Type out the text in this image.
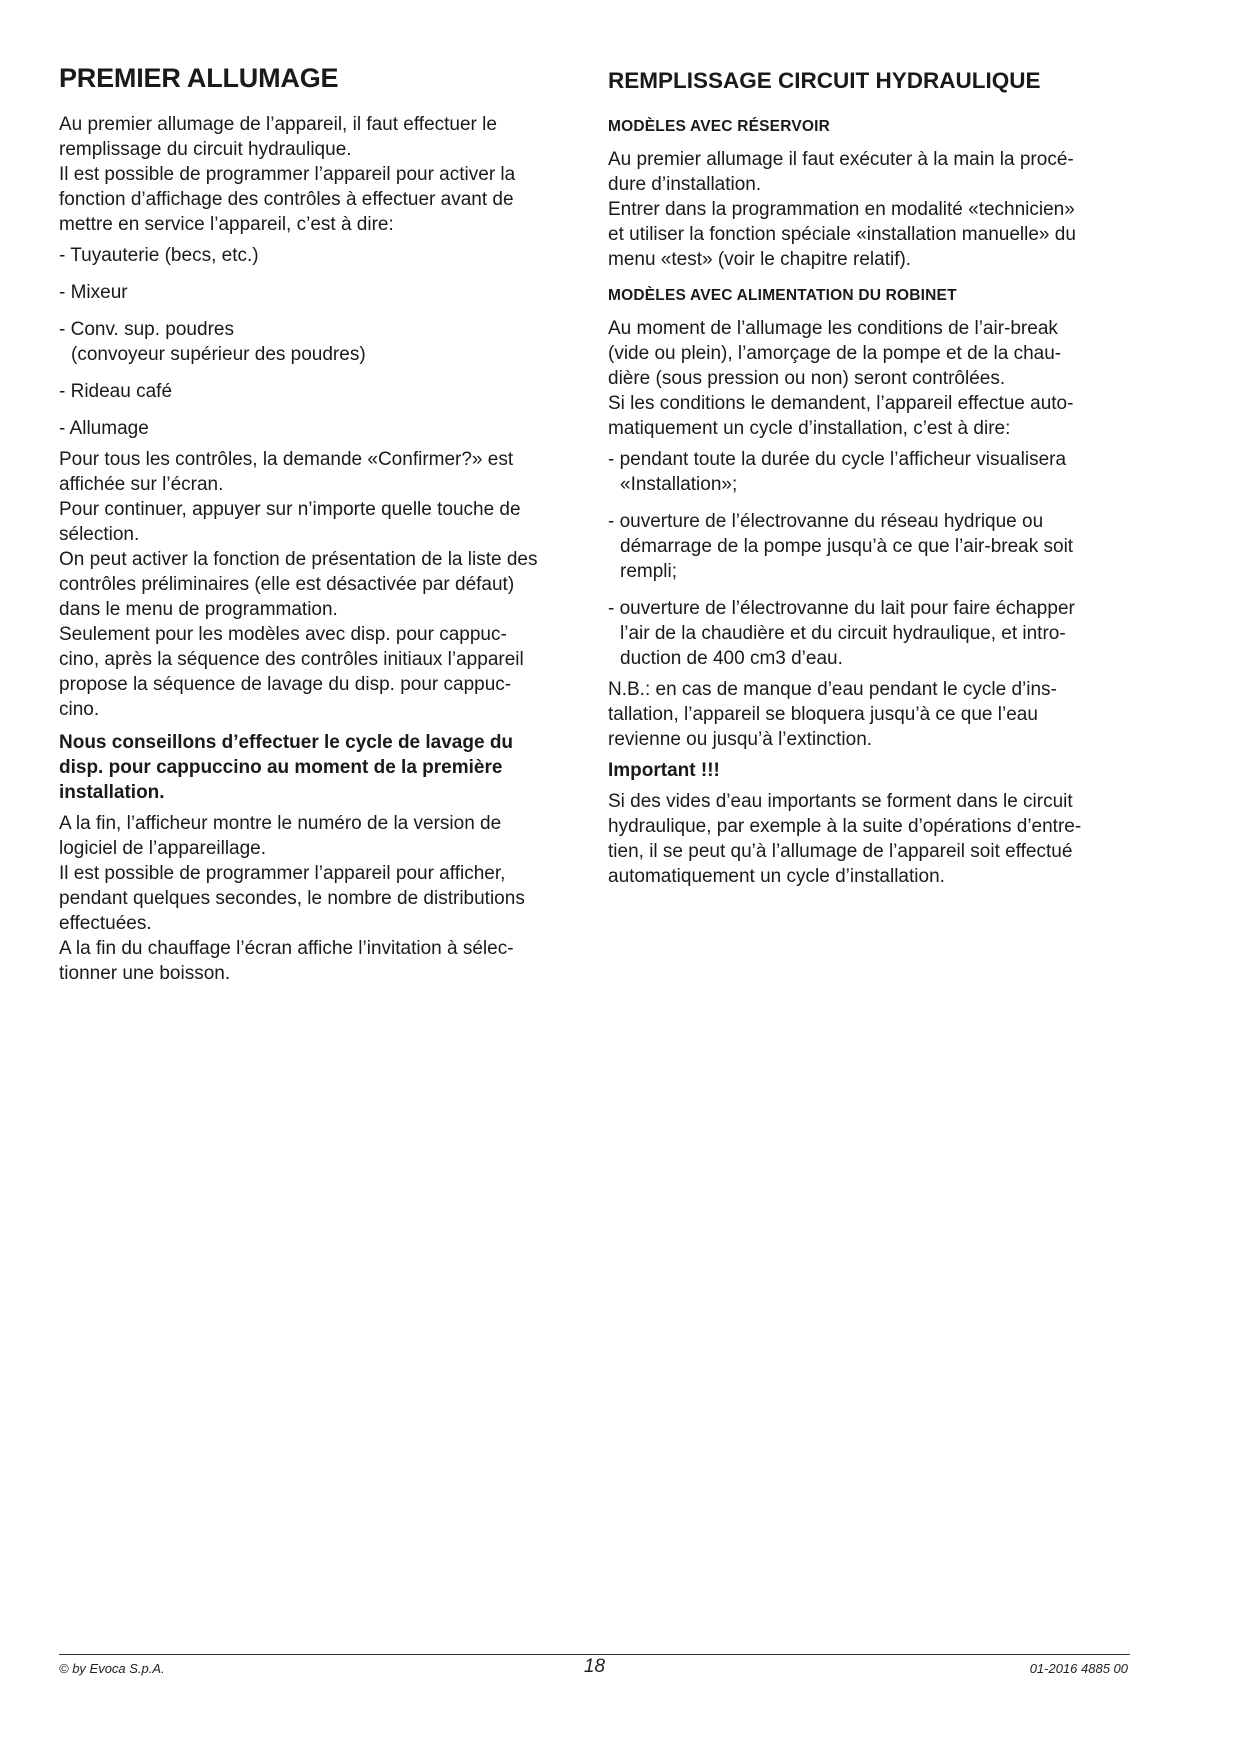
PREMIER ALLUMAGE

Au premier allumage de l’appareil, il faut effectuer le
remplissage du circuit hydraulique.
Il est possible de programmer l’appareil pour activer la
fonction d’affichage des contrôles à effectuer avant de
mettre en service l’appareil, c’est à dire:

- Tuyauterie (becs, etc.)
- Mixeur
- Conv. sup. poudres
(convoyeur supérieur des poudres)
- Rideau café
- Allumage

Pour tous les contrôles, la demande «Confirmer?» est
affichée sur l’écran.
Pour continuer, appuyer sur n’importe quelle touche de
sélection.
On peut activer la fonction de présentation de la liste des
contrôles préliminaires (elle est désactivée par défaut)
dans le menu de programmation.
Seulement pour les modèles avec disp. pour cappuc-
cino, après la séquence des contrôles initiaux l’appareil
propose la séquence de lavage du disp. pour cappuc-
cino.

Nous conseillons d’effectuer le cycle de lavage du
disp. pour cappuccino au moment de la première
installation.

A la fin, l’afficheur montre le numéro de la version de
logiciel de l’appareillage.
Il est possible de programmer l’appareil pour afficher,
pendant quelques secondes, le nombre de distributions
effectuées.
A la fin du chauffage l’écran affiche l’invitation à sélec-
tionner une boisson.

REMPLISSAGE CIRCUIT HYDRAULIQUE
MODÈLES AVEC RÉSERVOIR

Au premier allumage il faut exécuter à la main la procé-
dure d’installation.
Entrer dans la programmation en modalité «technicien»
et utiliser la fonction spéciale «installation manuelle» du
menu «test» (voir le chapitre relatif).

MODÈLES AVEC ALIMENTATION DU ROBINET

Au moment de l’allumage les conditions de l’air-break
(vide ou plein), l’amorçage de la pompe et de la chau-
dière (sous pression ou non) seront contrôlées.
Si les conditions le demandent, l’appareil effectue auto-
matiquement un cycle d’installation, c’est à dire:

- pendant toute la durée du cycle l’afficheur visualisera
«Installation»;
- ouverture de l’électrovanne du réseau hydrique ou
démarrage de la pompe jusqu’à ce que l’air-break soit
rempli;
- ouverture de l’électrovanne du lait pour faire échapper
l’air de la chaudière et du circuit hydraulique, et intro-
duction de 400 cm3 d’eau.

N.B.: en cas de manque d’eau pendant le cycle d’ins-
tallation, l’appareil se bloquera jusqu’à ce que l’eau
revienne ou jusqu’à l’extinction.

Important !!!

Si des vides d’eau importants se forment dans le circuit
hydraulique, par exemple à la suite d’opérations d’entre-
tien, il se peut qu’à l’allumage de l’appareil soit effectué
automatiquement un cycle d’installation.

© by Evoca S.p.A.	18	01-2016 4885 00
